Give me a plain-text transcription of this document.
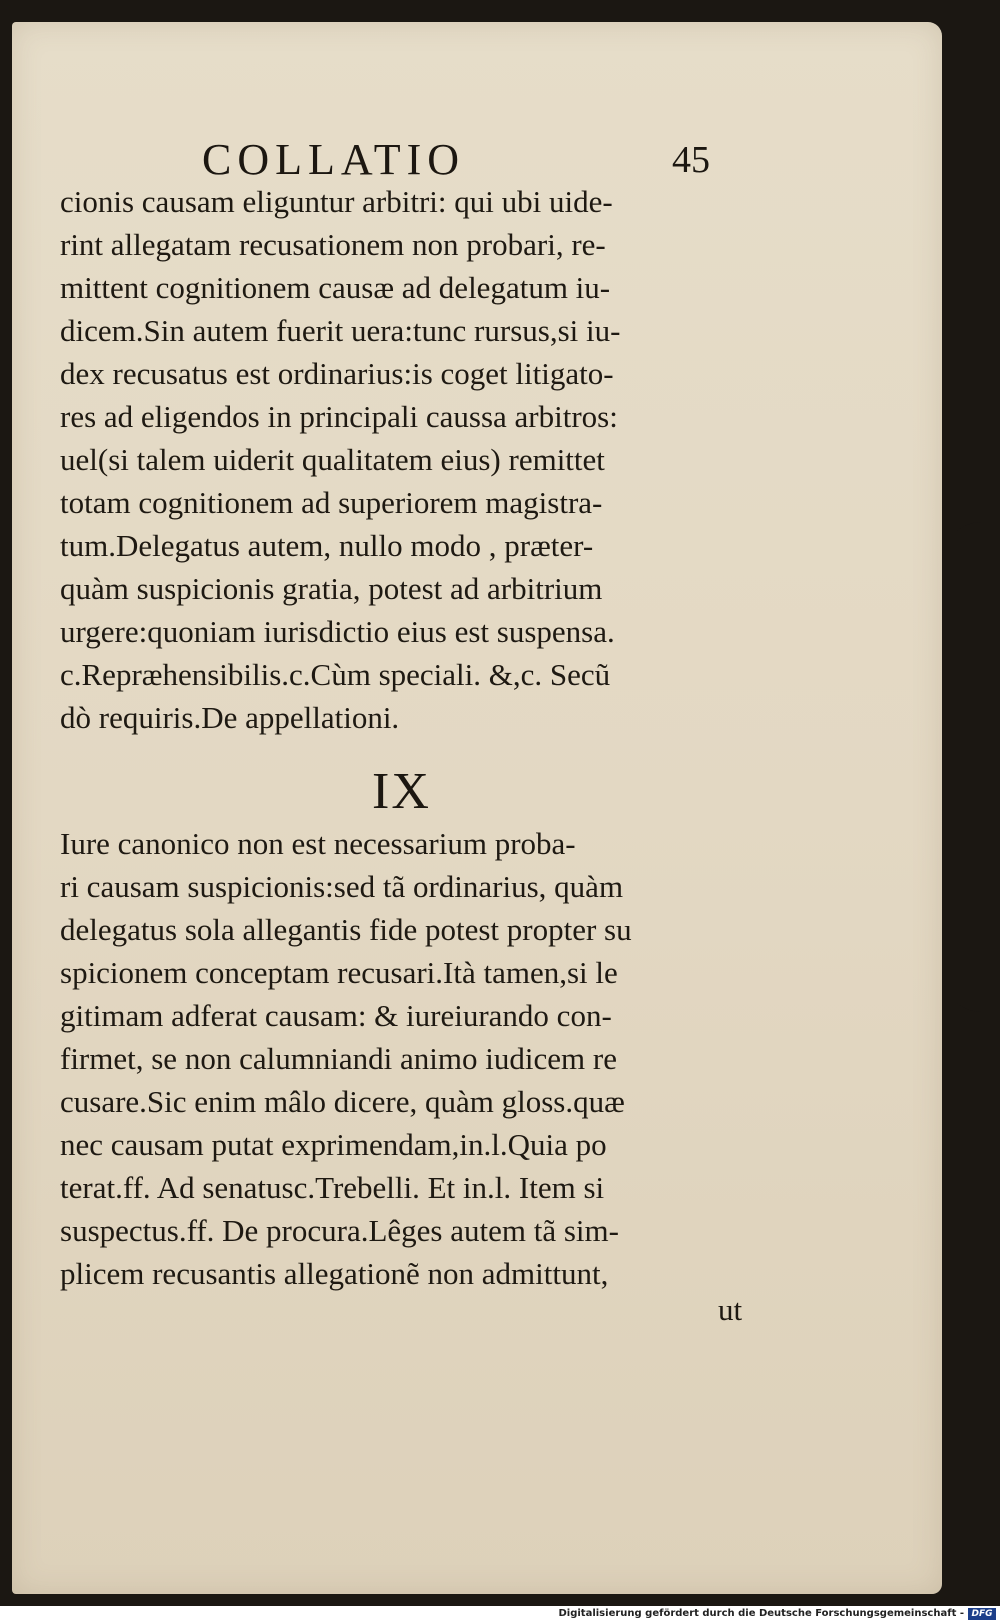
COLLATIO	45
cionis causam eliguntur arbitri: qui ubi uide-
rint allegatam recusationem non probari, re-
mittent cognitionem causæ ad delegatum iu-
dicem.Sin autem fuerit uera:tunc rursus,si iu-
dex recusatus est ordinarius:is coget litigato-
res ad eligendos in principali caussa arbitros:
uel(si talem uiderit qualitatem eius) remittet
totam cognitionem ad superiorem magistra-
tum.Delegatus autem, nullo modo , præter-
quàm suspicionis gratia, potest ad arbitrium
urgere:quoniam iurisdictio eius est suspensa.
c.Repræhensibilis.c.Cùm speciali. &,c. Secũ
dò requiris.De appellationi.
IX
Iure canonico non est necessarium proba-
ri causam suspicionis:sed tã ordinarius, quàm
delegatus sola allegantis fide potest propter su
spicionem conceptam recusari.Ità tamen,si le
gitimam adferat causam: & iureiurando con-
firmet, se non calumniandi animo iudicem re
cusare.Sic enim mâlo dicere, quàm gloss.quæ
nec causam putat exprimendam,in.l.Quia po
terat.ff. Ad senatusc.Trebelli. Et in.l. Item si
suspectus.ff. De procura.Lêges autem tã sim-
plicem recusantis allegationẽ non admittunt,
ut
Digitalisierung gefördert durch die Deutsche Forschungsgemeinschaft - DFG
